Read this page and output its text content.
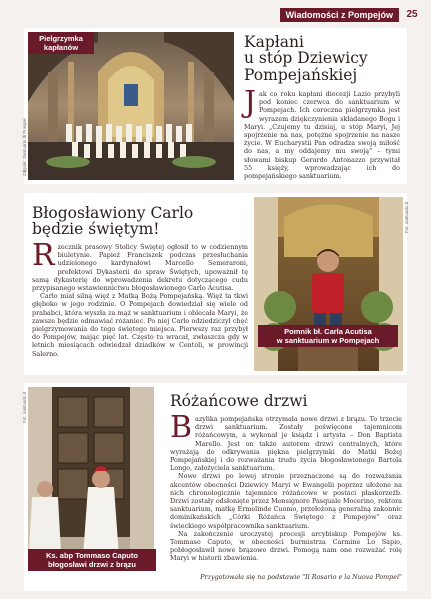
Wiadomości z Pompejów	25
Pielgrzymka
kapłanów
Zdjęcie: Santuario di Pompei
Kapłani
u stóp Dziewicy
Pompejańskiej

Jak co roku kapłani diecezji Lazio przybyli pod koniec czerwca do sanktuarium w Pompejach. Ich coroczna pielgrzymka jest wyrazem dziękczynienia składanego Bogu i Maryi. „Czujemy tu dzisiaj, u stóp Maryi, Jej spojrzenie na nas, potężne spojrzenie na nasze życie. W Eucharystii Pan odradza swoją miłość do nas, a my oddajemy mu swoją” – tymi słowami biskup Gerardo Antonazzo przywitał 55 księży, wprowadzając ich do pompejańskiego sanktuarium.

Błogosławiony Carlo
będzie świętym!

Rzecznik prasowy Stolicy Świętej ogłosił to w codziennym biuletynie. Papież Franciszek podczas przesłuchania udzielonego kardynałowi Marcello Semeraroni, prefektowi Dykasterii do spraw Świętych, upoważnił tę samą dykasterię do wprowadzenia dekretu dotyczącego cudu przypisanego wstawiennictwu błogosławionego Carlo Acutisa.

Carlo miał silną więź z Matką Bożą Pompejańską. Więź ta tkwi głęboko w jego rodzinie. O Pompejach dowiedział się wiele od prababci, która wyszła za mąż w sanktuarium i oblecała Maryi, że zawsze będzie odmawiać różaniec. Po niej Carlo odziedziczył chęć pielgrzymowania do tego świętego miejsca. Pierwszy raz przybył do Pompejów, mając pięć lat. Często tu wracał, zwłaszcza gdy w letnich miesiącach odwiedzał dziadków w Centoli, w prowincji Salerno.

Pomnik bł. Carla Acutisa
w sanktuarium w Pompejach
Fot. santuario.it
Ks. abp Tommaso Caputo
błogosławi drzwi z brązu
Fot. santuario.it	Różańcowe drzwi

Bazylika pompejańska otrzymała nowe drzwi z brązu. To trzecie drzwi sanktuarium. Zostały poświęcone tajemnicom różańcowym, a wykonał je ksiądz i artysta – Don Baptista Marello. Jest on także autorem drzwi centralnych, które wyrażają do odkrywania piękna pielgrzymki do Matki Bożej Pompejańskiej i do rozważania trudu życia błogosławionego Bartola Longo, założyciela sanktuarium.

Nowe drzwi po lewej stronie przeznaczone są do rozważania akcentów obecności Dziewicy Maryi w Ewangelii poprzez ułożone na nich chronologicznie tajemnice różańcowe w postaci płaskorzeźb. Drzwi zostały odsłonięte przez Monsignore Pasquale Mocerino, rektora sanktuarium, matkę Ermelinde Cuomo, przełożoną generalną zakonnic dominikańskich „Córki Różańca Świętego z Pompejów” oraz świeckiego współpracownika sanktuarium.

Na zakończenie uroczystej procesji arcybiskup Pompejów ks. Tommaso Caputo, w obecności burmistrza Carmine Lo Sapio, pobłogosławił nowe brązowe drzwi. Pomogą nam one rozważać rolę Maryi w historii zbawienia.

Przygotowała się na podstawie "Il Rosario e la Nuova Pompei"
